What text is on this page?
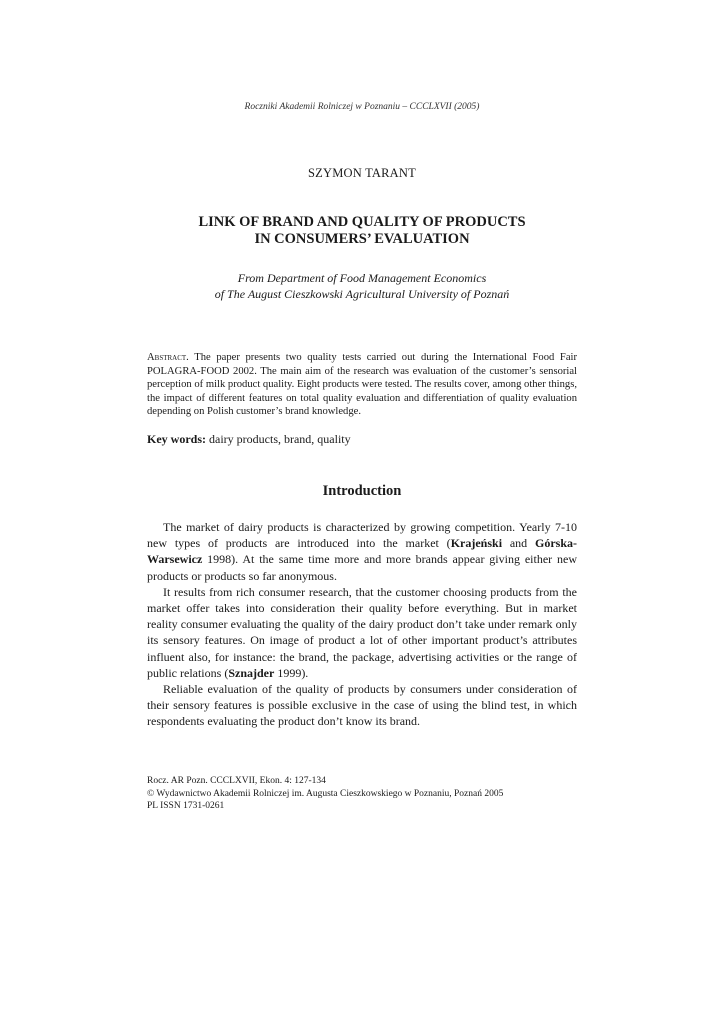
Roczniki Akademii Rolniczej w Poznaniu – CCCLXVII (2005)
SZYMON TARANT
LINK OF BRAND AND QUALITY OF PRODUCTS
IN CONSUMERS’ EVALUATION
From Department of Food Management Economics
of The August Cieszkowski Agricultural University of Poznań
Abstract. The paper presents two quality tests carried out during the International Food Fair POLAGRA-FOOD 2002. The main aim of the research was evaluation of the customer’s sensorial perception of milk product quality. Eight products were tested. The results cover, among other things, the impact of different features on total quality evaluation and differentiation of quality evaluation depending on Polish customer’s brand knowledge.
Key words: dairy products, brand, quality
Introduction

The market of dairy products is characterized by growing competition. Yearly 7-10 new types of products are introduced into the market (Krajeński and Górska-Warsewicz 1998). At the same time more and more brands appear giving either new products or products so far anonymous.

It results from rich consumer research, that the customer choosing products from the market offer takes into consideration their quality before everything. But in market reality consumer evaluating the quality of the dairy product don’t take under remark only its sensory features. On image of product a lot of other important product’s attributes influent also, for instance: the brand, the package, advertising activities or the range of public relations (Sznajder 1999).

Reliable evaluation of the quality of products by consumers under consideration of their sensory features is possible exclusive in the case of using the blind test, in which respondents evaluating the product don’t know its brand.

Rocz. AR Pozn. CCCLXVII, Ekon. 4: 127-134
© Wydawnictwo Akademii Rolniczej im. Augusta Cieszkowskiego w Poznaniu, Poznań 2005
PL ISSN 1731-0261
